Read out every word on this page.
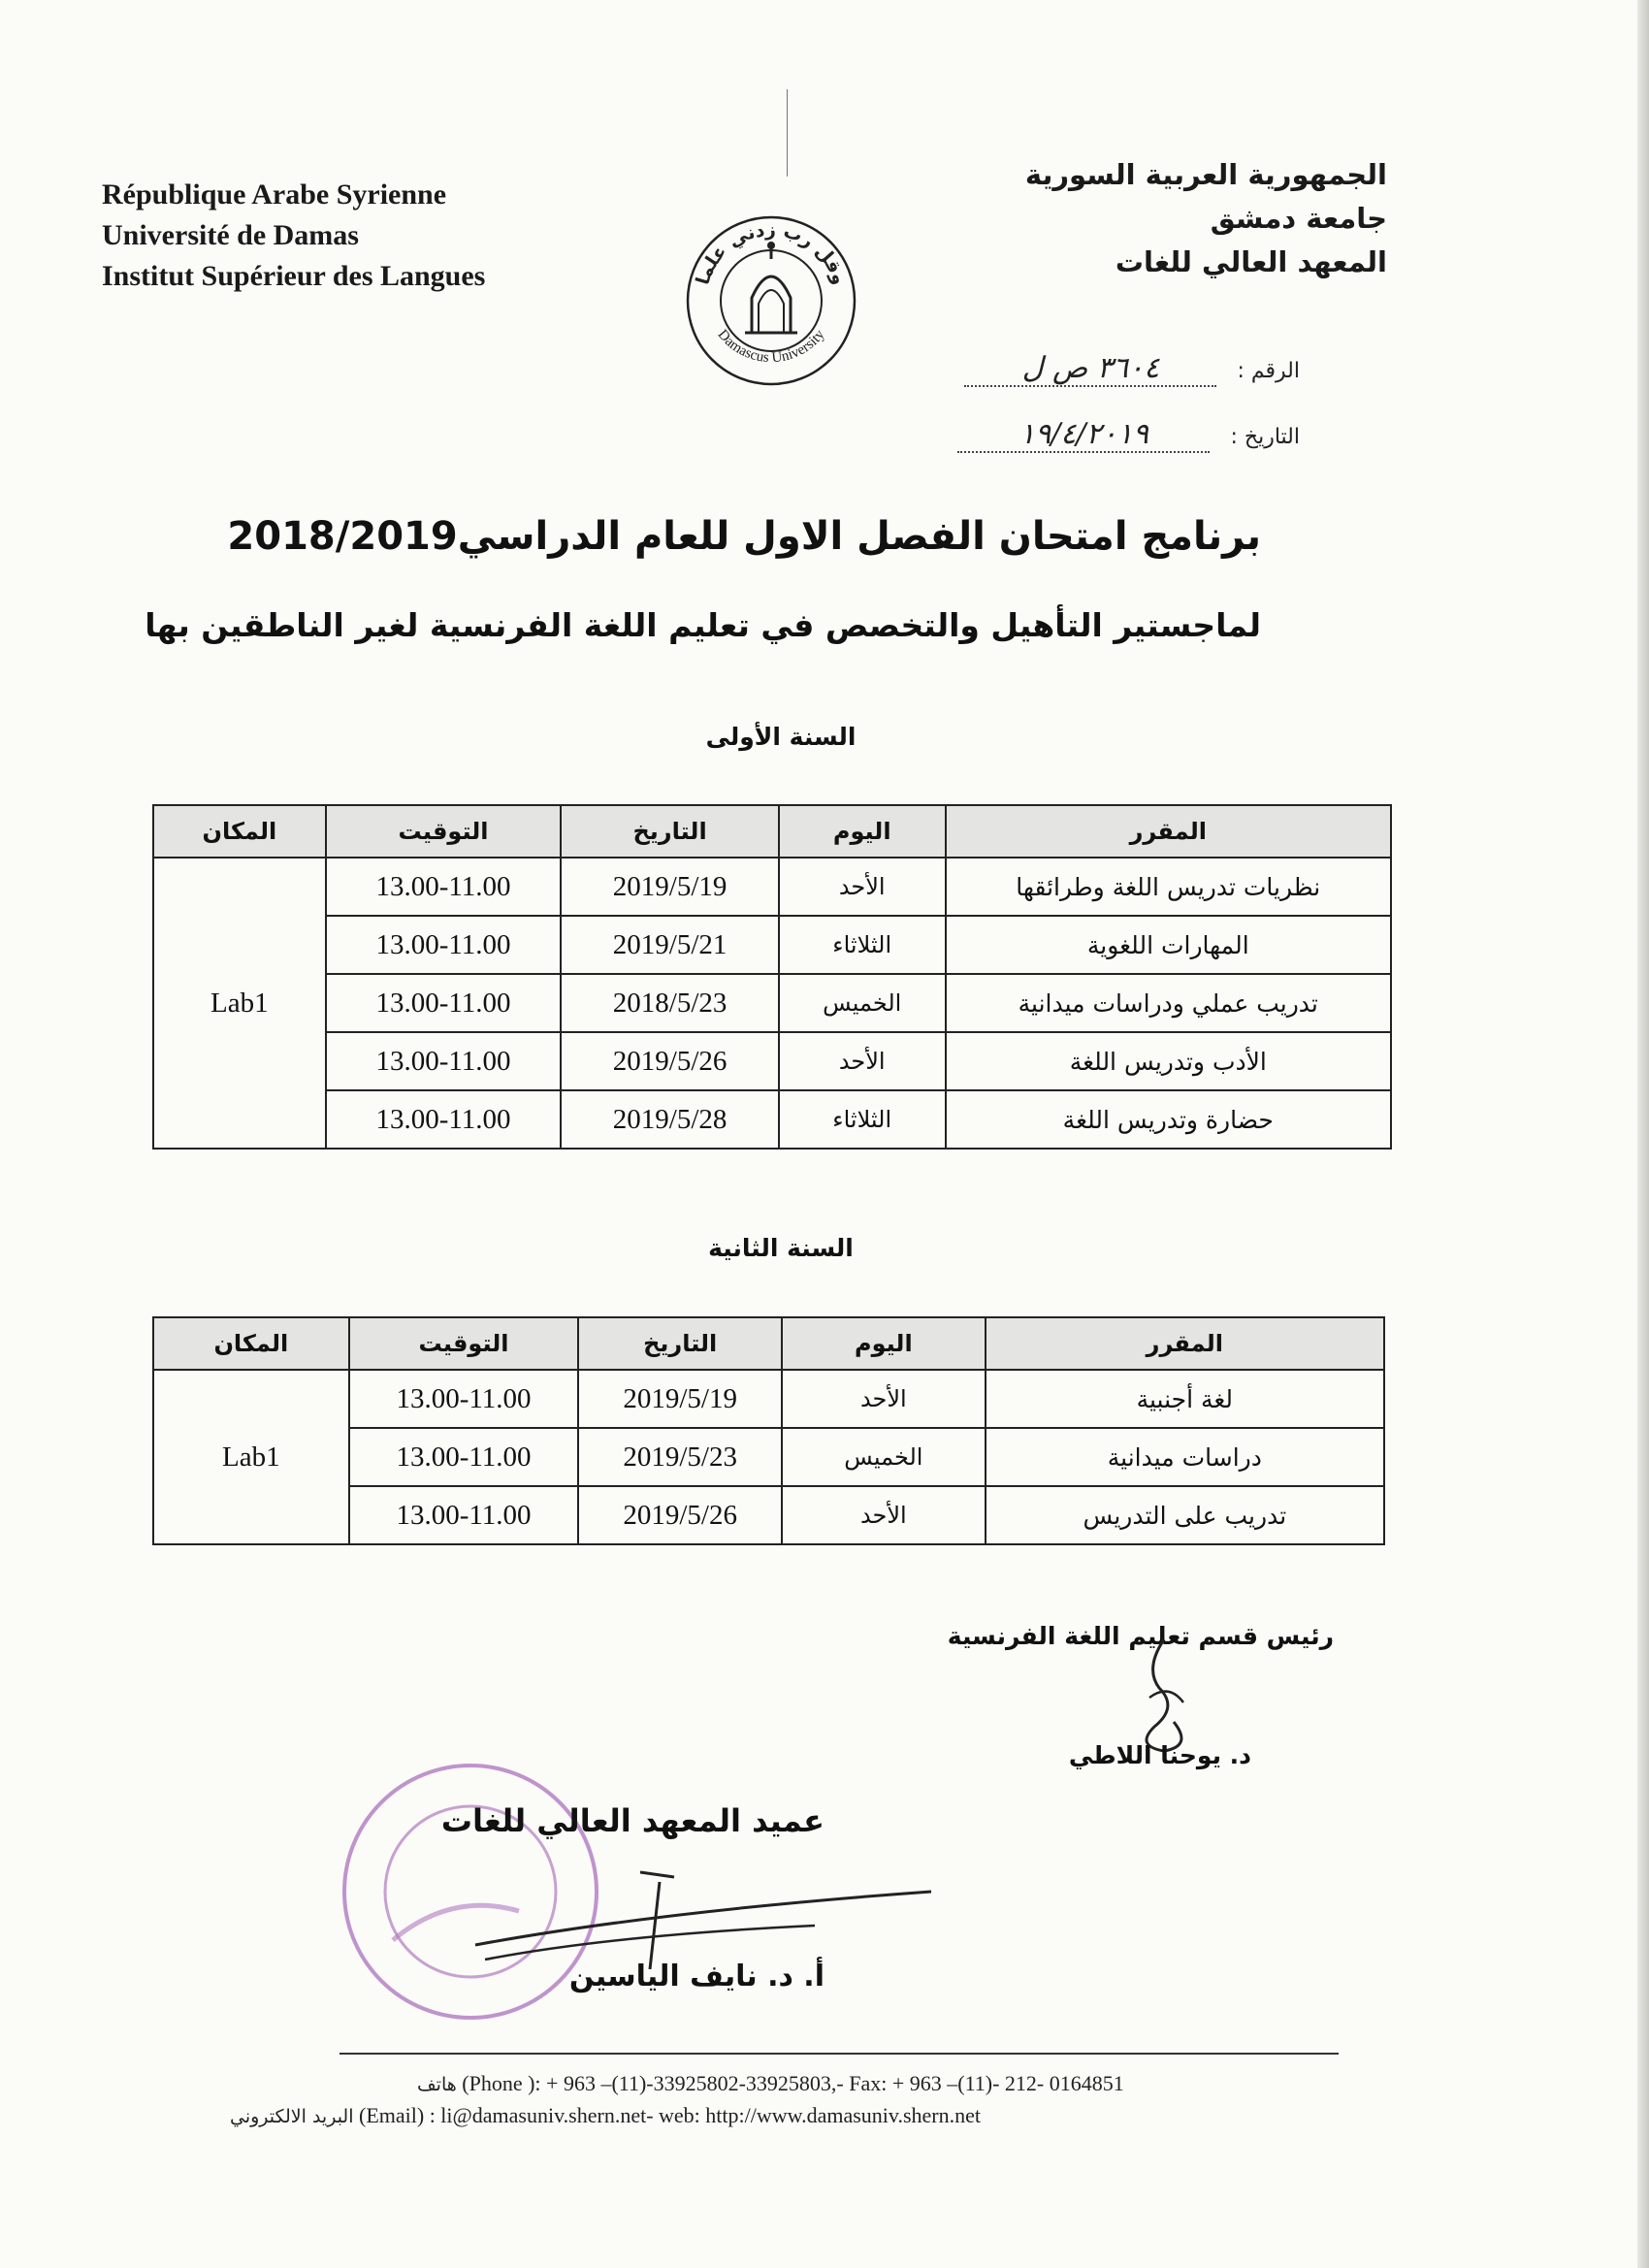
République Arabe Syrienne
Université de Damas
Institut Supérieur des Langues
الجمهورية العربية السورية
جامعة دمشق
المعهد العالي للغات
وقل رب زدني علما
Damascus University
الرقم : ٣٦٠٤ ص ل
التاريخ : ١٩/٤/٢٠١٩
برنامج امتحان الفصل الاول للعام الدراسي2018/2019
لماجستير التأهيل والتخصص في تعليم اللغة الفرنسية لغير الناطقين بها
السنة الأولى
المقرر	اليوم	التاريخ	التوقيت	المكان
نظريات تدريس اللغة وطرائقها	الأحد	2019/5/19	13.00-11.00	Lab1
المهارات اللغوية	الثلاثاء	2019/5/21	13.00-11.00	
تدريب عملي ودراسات ميدانية	الخميس	2018/5/23	13.00-11.00	
الأدب وتدريس اللغة	الأحد	2019/5/26	13.00-11.00	
حضارة وتدريس اللغة	الثلاثاء	2019/5/28	13.00-11.00	
السنة الثانية
المقرر	اليوم	التاريخ	التوقيت	المكان
لغة أجنبية	الأحد	2019/5/19	13.00-11.00	Lab1
دراسات ميدانية	الخميس	2019/5/23	13.00-11.00	
تدريب على التدريس	الأحد	2019/5/26	13.00-11.00	
رئيس قسم تعليم اللغة الفرنسية
د. يوحنا اللاطي
عميد المعهد العالي للغات
أ. د. نايف الياسين
هاتف (Phone ): + 963 –(11)-33925802-33925803,- Fax: + 963 –(11)- 212- 0164851
البريد الالكتروني (Email) : li@damasuniv.shern.net- web: http://www.damasuniv.shern.net
